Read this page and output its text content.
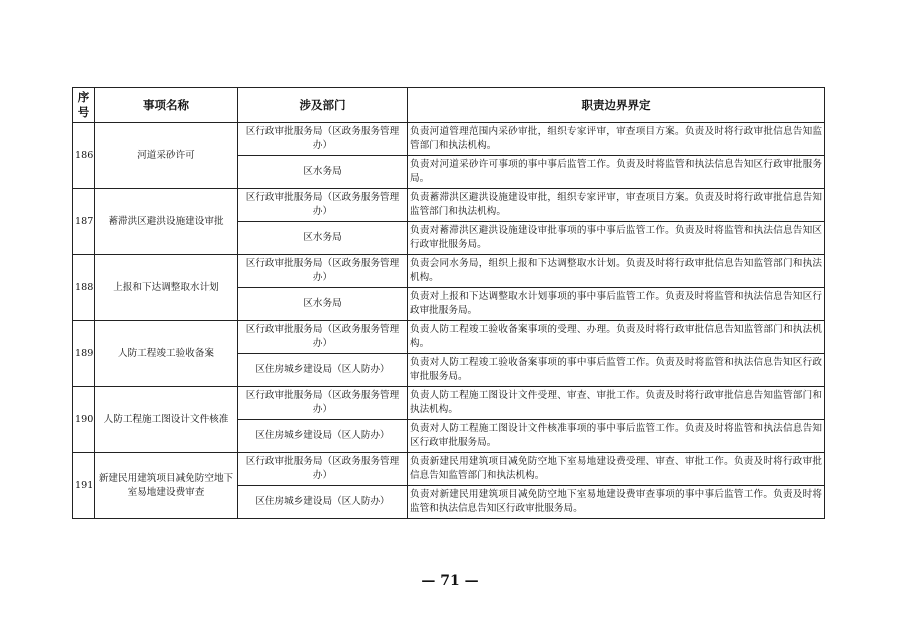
序号	事项名称	涉及部门	职责边界界定
186	河道采砂许可	区行政审批服务局（区政务服务管理办）	负责河道管理范围内采砂审批，组织专家评审，审查项目方案。负责及时将行政审批信息告知监管部门和执法机构。
		区水务局	负责对河道采砂许可事项的事中事后监管工作。负责及时将监管和执法信息告知区行政审批服务局。
187	蓄滞洪区避洪设施建设审批	区行政审批服务局（区政务服务管理办）	负责蓄滞洪区避洪设施建设审批，组织专家评审，审查项目方案。负责及时将行政审批信息告知监管部门和执法机构。
		区水务局	负责对蓄滞洪区避洪设施建设审批事项的事中事后监管工作。负责及时将监管和执法信息告知区行政审批服务局。
188	上报和下达调整取水计划	区行政审批服务局（区政务服务管理办）	负责会同水务局，组织上报和下达调整取水计划。负责及时将行政审批信息告知监管部门和执法机构。
		区水务局	负责对上报和下达调整取水计划事项的事中事后监管工作。负责及时将监管和执法信息告知区行政审批服务局。
189	人防工程竣工验收备案	区行政审批服务局（区政务服务管理办）	负责人防工程竣工验收备案事项的受理、办理。负责及时将行政审批信息告知监管部门和执法机构。
		区住房城乡建设局（区人防办）	负责对人防工程竣工验收备案事项的事中事后监管工作。负责及时将监管和执法信息告知区行政审批服务局。
190	人防工程施工图设计文件核准	区行政审批服务局（区政务服务管理办）	负责人防工程施工图设计文件受理、审查、审批工作。负责及时将行政审批信息告知监管部门和执法机构。
		区住房城乡建设局（区人防办）	负责对人防工程施工图设计文件核准事项的事中事后监管工作。负责及时将监管和执法信息告知区行政审批服务局。
191	新建民用建筑项目减免防空地下室易地建设费审查	区行政审批服务局（区政务服务管理办）	负责新建民用建筑项目减免防空地下室易地建设费受理、审查、审批工作。负责及时将行政审批信息告知监管部门和执法机构。
		区住房城乡建设局（区人防办）	负责对新建民用建筑项目减免防空地下室易地建设费审查事项的事中事后监管工作。负责及时将监管和执法信息告知区行政审批服务局。
— 71 —
